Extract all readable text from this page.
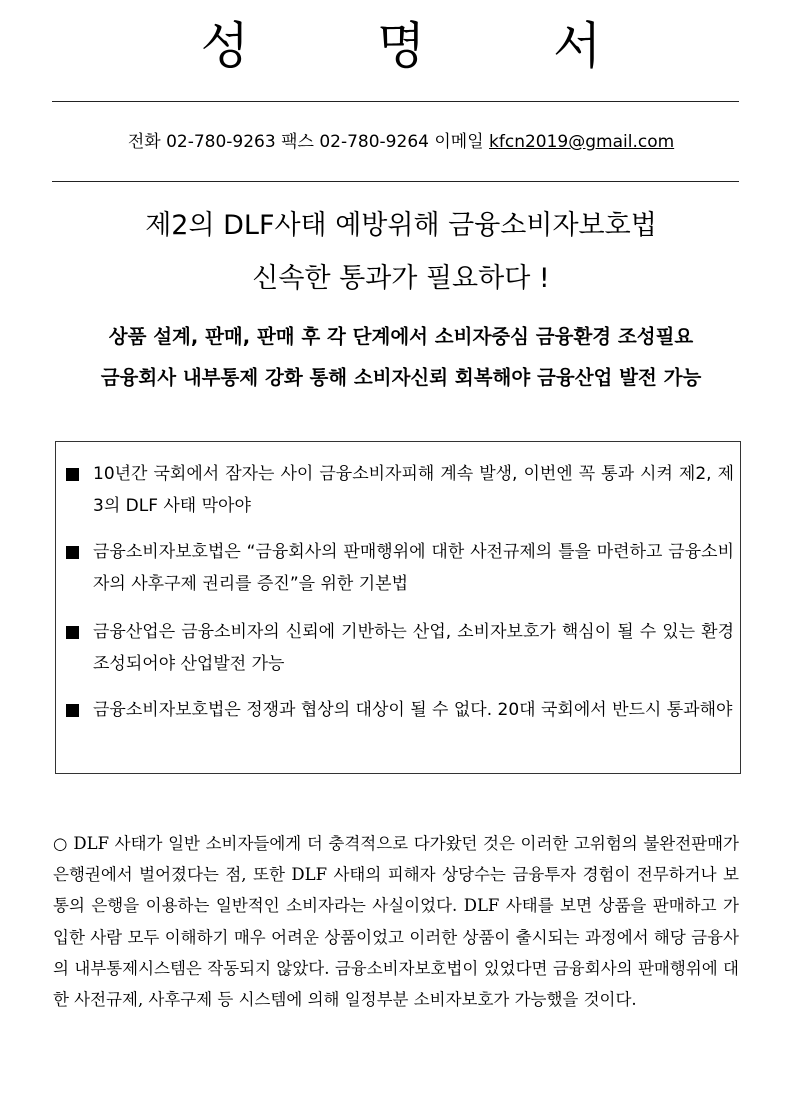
성 명 서
전화 02-780-9263 팩스 02-780-9264 이메일 kfcn2019@gmail.com
제2의 DLF사태 예방위해 금융소비자보호법
신속한 통과가 필요하다 !
상품 설계, 판매, 판매 후 각 단계에서 소비자중심 금융환경 조성필요
금융회사 내부통제 강화 통해 소비자신뢰 회복해야 금융산업 발전 가능
10년간 국회에서 잠자는 사이 금융소비자피해 계속 발생, 이번엔 꼭 통과 시켜 제2, 제3의 DLF 사태 막아야
금융소비자보호법은 “금융회사의 판매행위에 대한 사전규제의 틀을 마련하고 금융소비자의 사후구제 권리를 증진”을 위한 기본법
금융산업은 금융소비자의 신뢰에 기반하는 산업, 소비자보호가 핵심이 될 수 있는 환경 조성되어야 산업발전 가능
금융소비자보호법은 정쟁과 협상의 대상이 될 수 없다. 20대 국회에서 반드시 통과해야
○ DLF 사태가 일반 소비자들에게 더 충격적으로 다가왔던 것은 이러한 고위험의 불완전판매가 은행권에서 벌어졌다는 점, 또한 DLF 사태의 피해자 상당수는 금융투자 경험이 전무하거나 보통의 은행을 이용하는 일반적인 소비자라는 사실이었다. DLF 사태를 보면 상품을 판매하고 가입한 사람 모두 이해하기 매우 어려운 상품이었고 이러한 상품이 출시되는 과정에서 해당 금융사의 내부통제시스템은 작동되지 않았다. 금융소비자보호법이 있었다면 금융회사의 판매행위에 대한 사전규제, 사후구제 등 시스템에 의해 일정부분 소비자보호가 가능했을 것이다.
